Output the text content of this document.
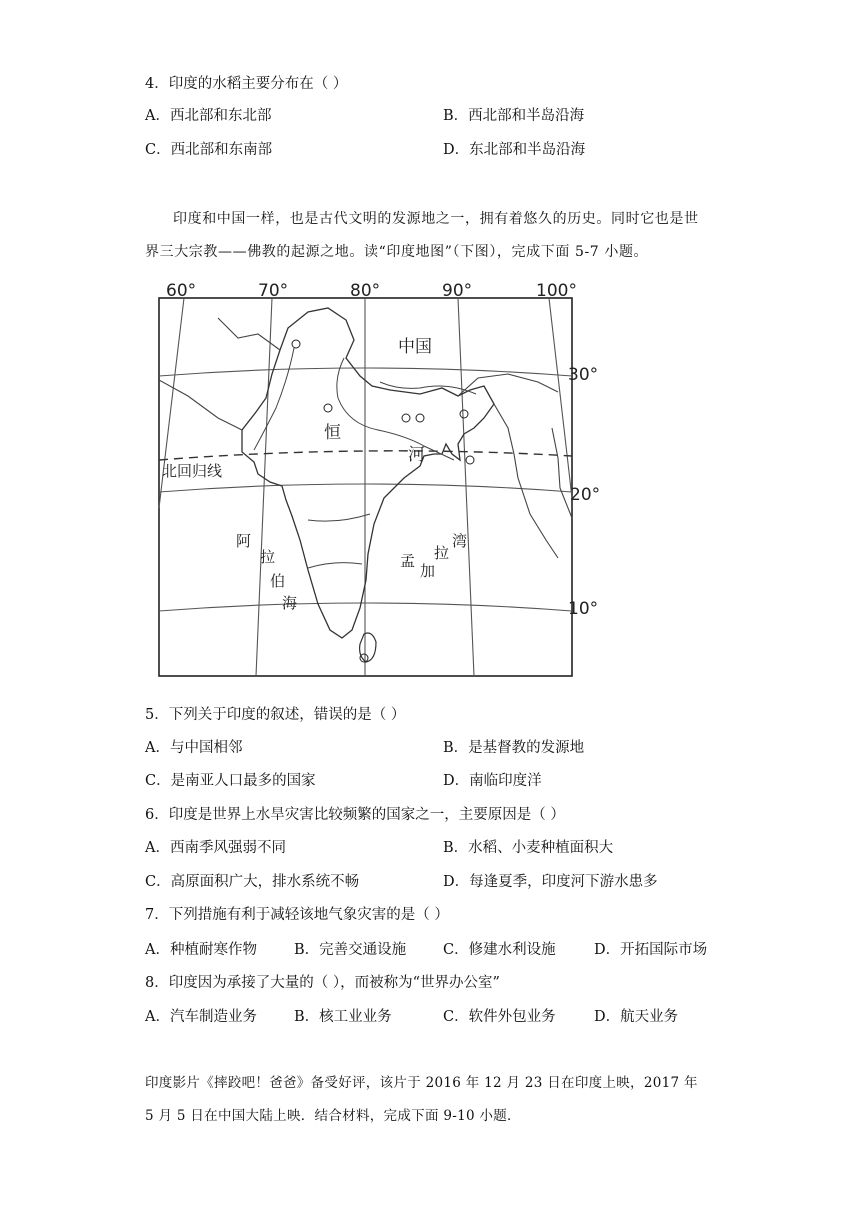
4．印度的水稻主要分布在（ ）
A．西北部和东北部	B．西北部和半岛沿海
C．西北部和东南部	D．东北部和半岛沿海
印度和中国一样，也是古代文明的发源地之一，拥有着悠久的历史。同时它也是世
界三大宗教——佛教的起源之地。读“印度地图”（下图），完成下面 5-7 小题。
60°	70°	80°	90°	100°
30°
20°
10°
北回归线
中国
恒
河
阿
拉
伯
海
孟
加
拉
湾
5．下列关于印度的叙述，错误的是（ ）
A．与中国相邻	B．是基督教的发源地
C．是南亚人口最多的国家	D．南临印度洋
6．印度是世界上水旱灾害比较频繁的国家之一，主要原因是（ ）
A．西南季风强弱不同	B．水稻、小麦种植面积大
C．高原面积广大，排水系统不畅	D．每逢夏季，印度河下游水患多
7．下列措施有利于减轻该地气象灾害的是（ ）
A．种植耐寒作物	B．完善交通设施	C．修建水利设施	D．开拓国际市场
8．印度因为承接了大量的（ ），而被称为“世界办公室”
A．汽车制造业务	B．核工业业务	C．软件外包业务	D．航天业务
印度影片《摔跤吧！爸爸》备受好评，该片于 2016 年 12 月 23 日在印度上映，2017 年
5 月 5 日在中国大陆上映．结合材料，完成下面 9-10 小题．
